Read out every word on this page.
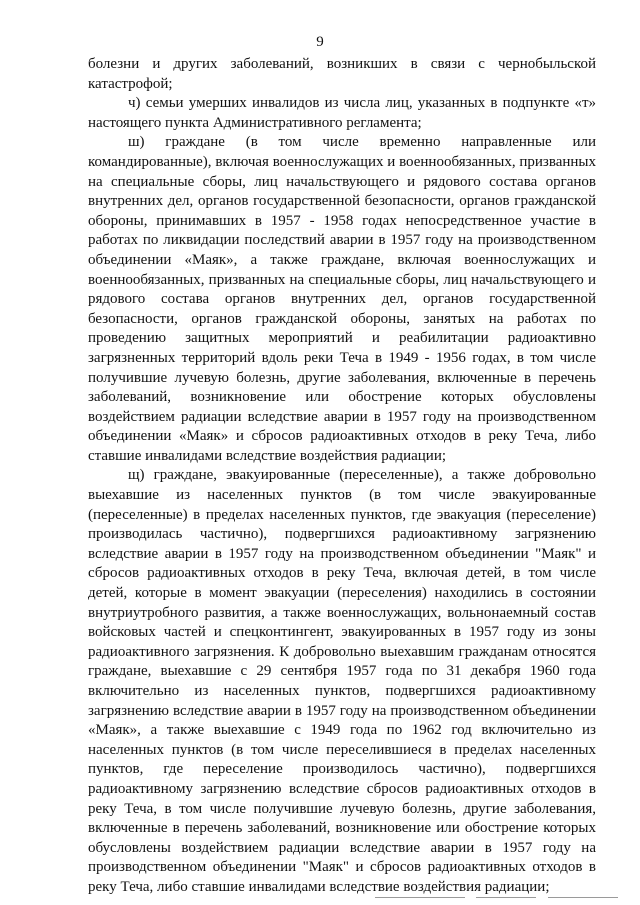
9

болезни и других заболеваний, возникших в связи с чернобыльской катастрофой;

ч) семьи умерших инвалидов из числа лиц, указанных в подпункте «т» настоящего пункта Административного регламента;

ш) граждане (в том числе временно направленные или командированные), включая военнослужащих и военнообязанных, призванных на специальные сборы, лиц начальствующего и рядового состава органов внутренних дел, органов государственной безопасности, органов гражданской обороны, принимавших в 1957 - 1958 годах непосредственное участие в работах по ликвидации последствий аварии в 1957 году на производственном объединении «Маяк», а также граждане, включая военнослужащих и военнообязанных, призванных на специальные сборы, лиц начальствующего и рядового состава органов внутренних дел, органов государственной безопасности, органов гражданской обороны, занятых на работах по проведению защитных мероприятий и реабилитации радиоактивно загрязненных территорий вдоль реки Теча в 1949 - 1956 годах, в том числе получившие лучевую болезнь, другие заболевания, включенные в перечень заболеваний, возникновение или обострение которых обусловлены воздействием радиации вследствие аварии в 1957 году на производственном объединении «Маяк» и сбросов радиоактивных отходов в реку Теча, либо ставшие инвалидами вследствие воздействия радиации;

щ) граждане, эвакуированные (переселенные), а также добровольно выехавшие из населенных пунктов (в том числе эвакуированные (переселенные) в пределах населенных пунктов, где эвакуация (переселение) производилась частично), подвергшихся радиоактивному загрязнению вследствие аварии в 1957 году на производственном объединении "Маяк" и сбросов радиоактивных отходов в реку Теча, включая детей, в том числе детей, которые в момент эвакуации (переселения) находились в состоянии внутриутробного развития, а также военнослужащих, вольнонаемный состав войсковых частей и спецконтингент, эвакуированных в 1957 году из зоны радиоактивного загрязнения. К добровольно выехавшим гражданам относятся граждане, выехавшие с 29 сентября 1957 года по 31 декабря 1960 года включительно из населенных пунктов, подвергшихся радиоактивному загрязнению вследствие аварии в 1957 году на производственном объединении «Маяк», а также выехавшие с 1949 года по 1962 год включительно из населенных пунктов (в том числе переселившиеся в пределах населенных пунктов, где переселение производилось частично), подвергшихся радиоактивному загрязнению вследствие сбросов радиоактивных отходов в реку Теча, в том числе получившие лучевую болезнь, другие заболевания, включенные в перечень заболеваний, возникновение или обострение которых обусловлены воздействием радиации вследствие аварии в 1957 году на производственном объединении "Маяк" и сбросов радиоактивных отходов в реку Теча, либо ставшие инвалидами вследствие воздействия радиации;
